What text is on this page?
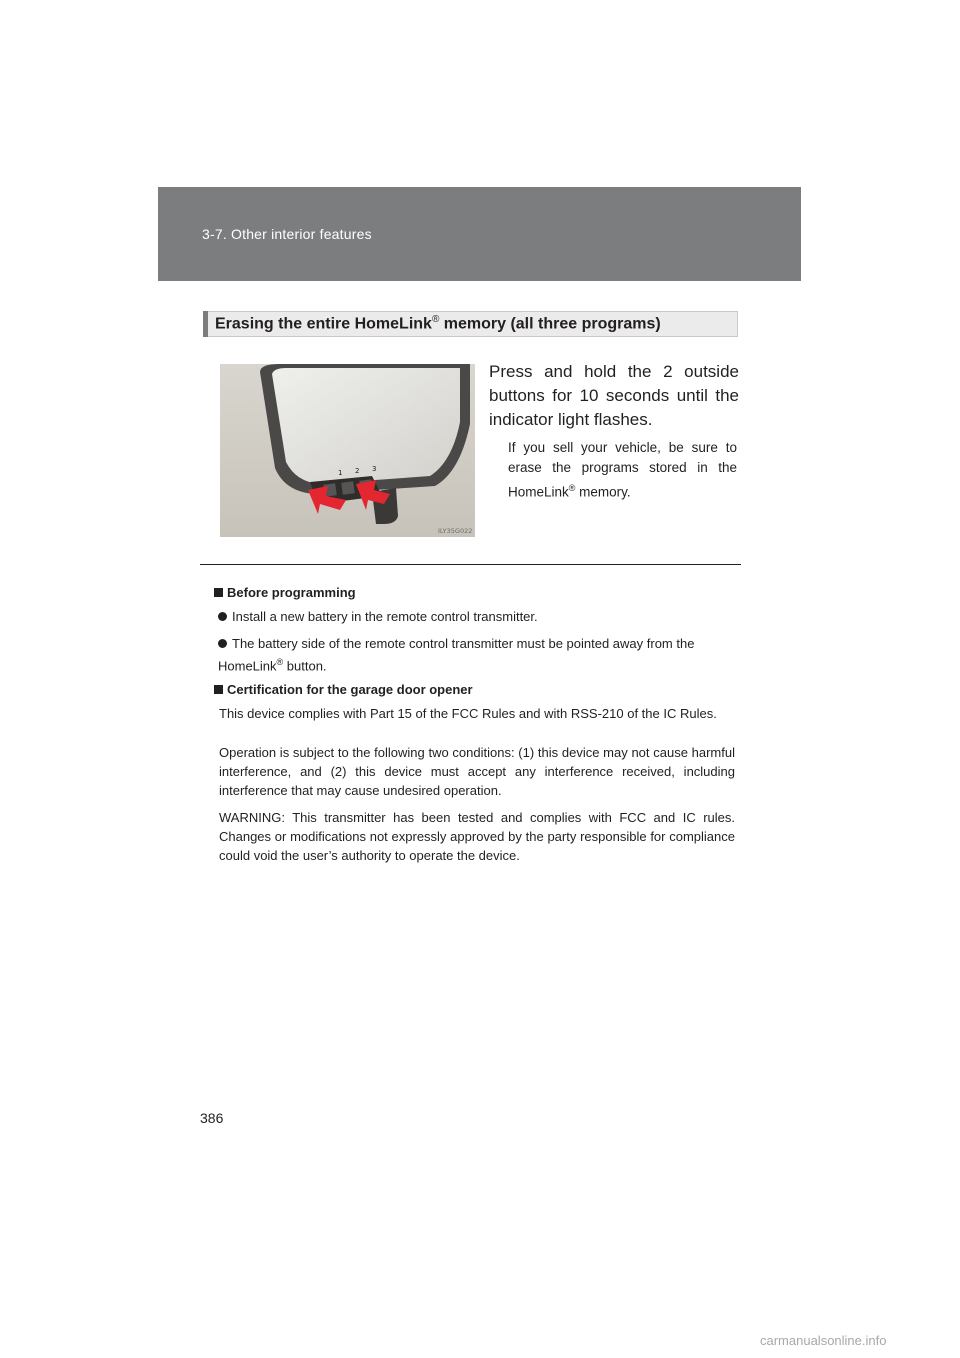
3-7. Other interior features
Erasing the entire HomeLink® memory (all three programs)
1 2 3
ILY35G022
Press and hold the 2 outside buttons for 10 seconds until the indicator light flashes.
If you sell your vehicle, be sure to erase the programs stored in the HomeLink® memory.
Before programming
Install a new battery in the remote control transmitter.
The battery side of the remote control transmitter must be pointed away from the HomeLink® button.
Certification for the garage door opener
This device complies with Part 15 of the FCC Rules and with RSS-210 of the IC Rules.
Operation is subject to the following two conditions: (1) this device may not cause harmful interference, and (2) this device must accept any interference received, including interference that may cause undesired operation.
WARNING: This transmitter has been tested and complies with FCC and IC rules. Changes or modifications not expressly approved by the party responsible for compliance could void the user’s authority to operate the device.
386
carmanualsonline.info
